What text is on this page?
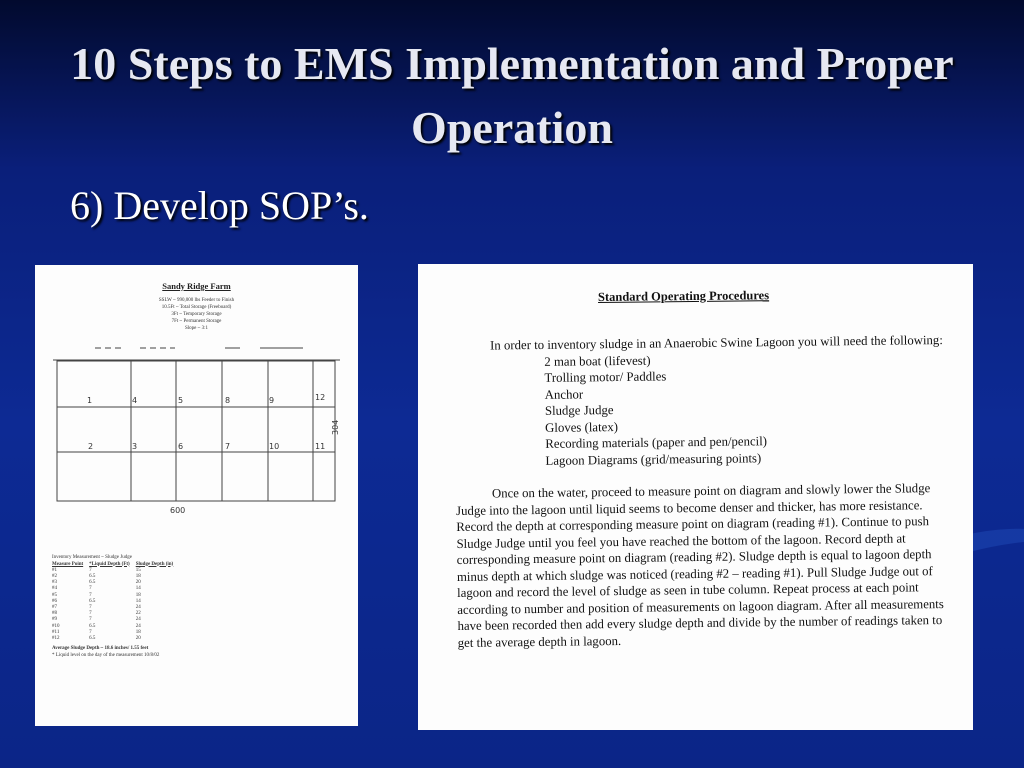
10 Steps to EMS Implementation and Proper Operation
6) Develop SOP’s.
Sandy Ridge Farm
SSLW ~ 990,000 lbs Feeder to Finish
10.5Ft ~ Total Storage (Freeboard)
3Ft ~ Temporary Storage
7Ft ~ Permanent Storage
Slope ~ 3:1
1	4	5	8	9	12
2	3	6	7	10	11
600
304
Inventory Measurement ~ Sludge Judge
Measure Point	*Liquid Depth (Ft)	Sludge Depth (in)
#1	7	15
#2	6.5	18
#3	6.5	20
#4	7	14
#5	7	18
#6	6.5	14
#7	7	24
#8	7	22
#9	7	24
#10	6.5	24
#11	7	18
#12	6.5	20
Average Sludge Depth ~ 18.6 inches/ 1.55 feet
* Liquid level on the day of the measurement 10/8/02
Standard Operating Procedures

In order to inventory sludge in an Anaerobic Swine Lagoon you will need the following:

2 man boat (lifevest)
Trolling motor/ Paddles
Anchor
Sludge Judge
Gloves (latex)
Recording materials (paper and pen/pencil)
Lagoon Diagrams (grid/measuring points)

Once on the water, proceed to measure point on diagram and slowly lower the Sludge Judge into the lagoon until liquid seems to become denser and thicker, has more resistance. Record the depth at corresponding measure point on diagram (reading #1). Continue to push Sludge Judge until you feel you have reached the bottom of the lagoon. Record depth at corresponding measure point on diagram (reading #2). Sludge depth is equal to lagoon depth minus depth at which sludge was noticed (reading #2 – reading #1). Pull Sludge Judge out of lagoon and record the level of sludge as seen in tube column. Repeat process at each point according to number and position of measurements on lagoon diagram. After all measurements have been recorded then add every sludge depth and divide by the number of readings taken to get the average depth in lagoon.
